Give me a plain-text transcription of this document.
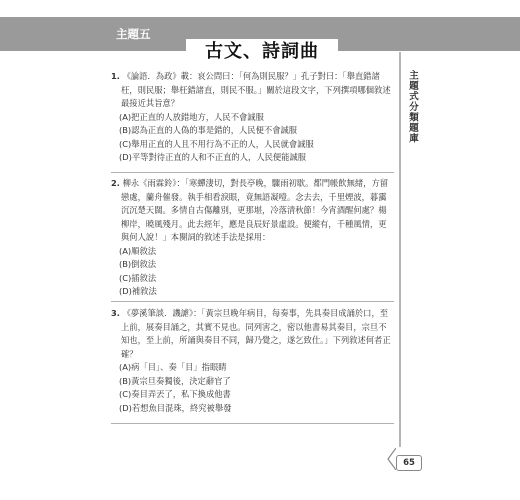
主題五
古文、詩詞曲
主題式分類題庫
1. 《論語．為政》載：哀公問曰：「何為則民服？」孔子對曰：「舉直錯諸枉，則民服；舉枉錯諸直，則民不服。」關於這段文字，下列撰項哪個敘述最接近其旨意？
(A)把正直的人放錯地方，人民不會誠服
(B)認為正直的人偽的事是錯的，人民便不會誠服
(C)舉用正直的人且不用行為不正的人，人民就會誠服
(D)平等對待正直的人和不正直的人，人民便能誠服
2. 柳永《雨霖鈴》：「寒蟬淒切，對長亭晚，驟雨初歇。都門帳飲無緒，方留戀處，蘭舟催發。執手相看淚眼，竟無語凝噎。念去去，千里煙波，暮靄沉沉楚天闊。多情自古傷離別，更那堪，冷落清秋節！今宵酒醒何處？楊柳岸，曉風殘月。此去經年，應是良辰好景虛設。便縱有，千種風情，更與何人說！」本闋詞的敘述手法是採用：
(A)順敘法
(B)倒敘法
(C)插敘法
(D)補敘法
3. 《夢溪筆談．譏謔》：「黃宗旦晚年病目，每奏事，先具奏目成誦於口，至上前，展奏目誦之，其實不見也。同列害之，密以他書易其奏目，宗旦不知也，至上前，所誦與奏目不同，歸乃覺之，遂乞致仕。」下列敘述何者正確？
(A)病「目」、奏「目」指眼睛
(B)黃宗旦奏獨後，決定辭官了
(C)奏目弄丟了，私下換成他書
(D)若想魚目混珠，終究被舉發
65
